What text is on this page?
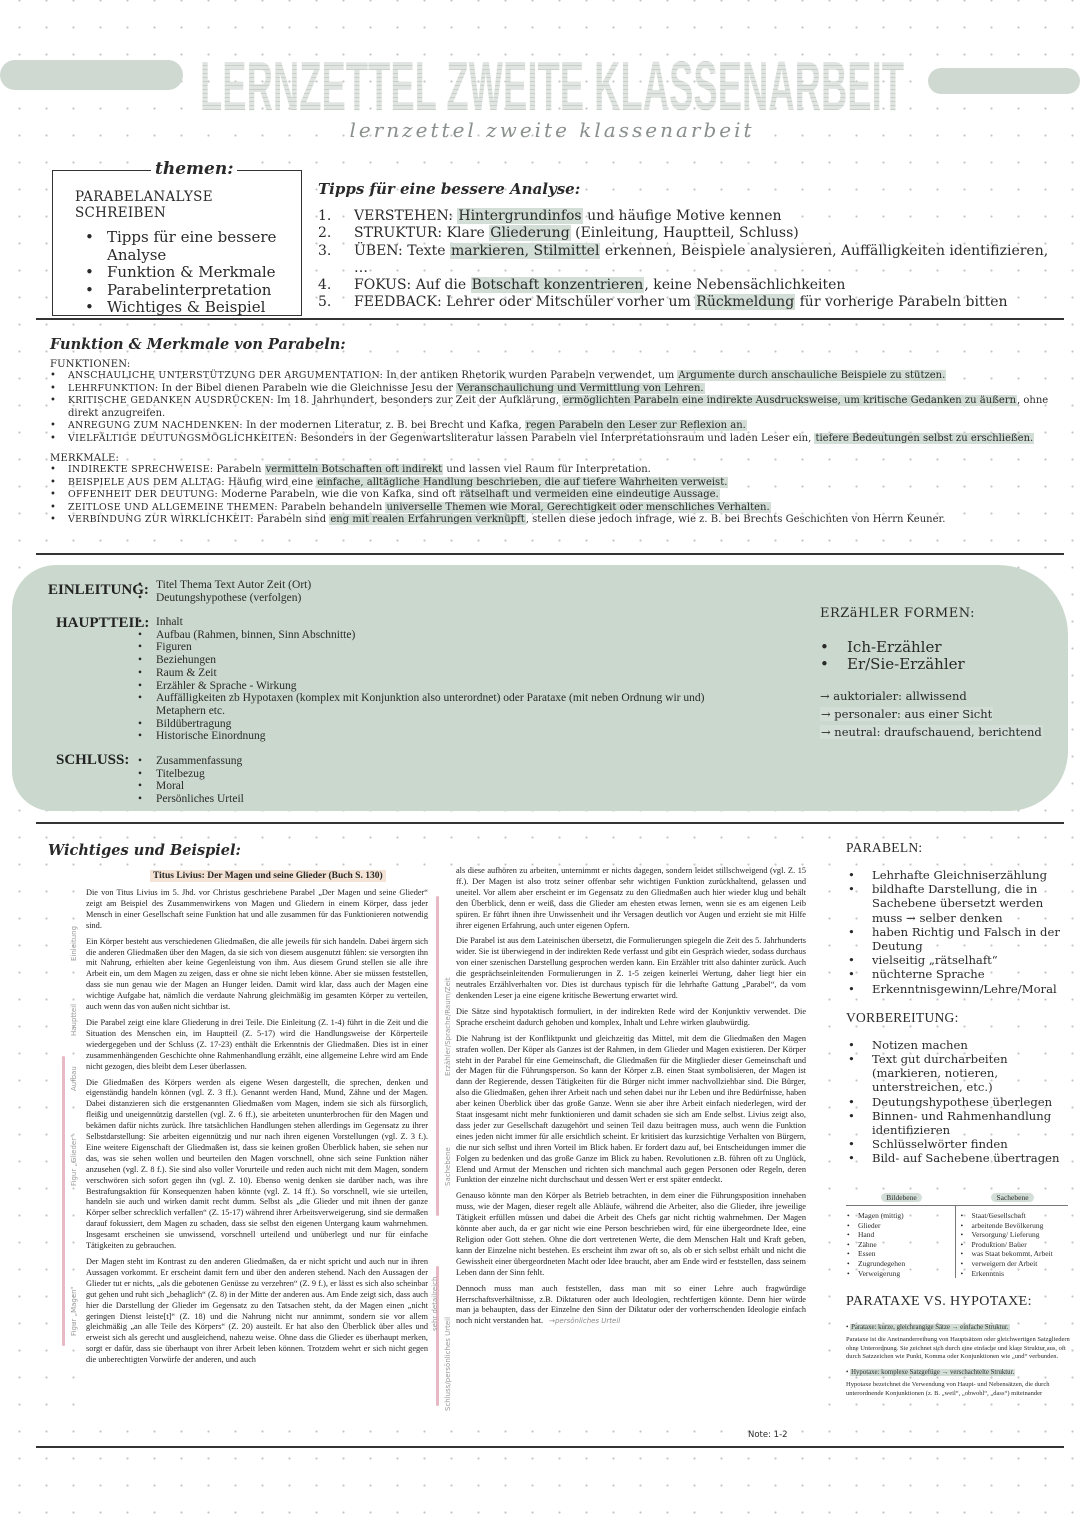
LERNZETTEL ZWEITE KLASSENARBEIT
lernzettel zweite klassenarbeit
themen:
PARABELANALYSE SCHREIBEN
• Tipps für eine bessere Analyse
• Funktion & Merkmale
• Parabelinterpretation
• Wichtiges & Beispiel
Tipps für eine bessere Analyse:
1. VERSTEHEN: Hintergrundinfos und häufige Motive kennen
2. STRUKTUR: Klare Gliederung (Einleitung, Hauptteil, Schluss)
3. ÜBEN: Texte markieren, Stilmittel erkennen, Beispiele analysieren, Auffälligkeiten identifizieren, …
4. FOKUS: Auf die Botschaft konzentrieren, keine Nebensächlichkeiten
5. FEEDBACK: Lehrer oder Mitschüler vorher um Rückmeldung für vorherige Parabeln bitten
Funktion & Merkmale von Parabeln:
FUNKTIONEN:
• ANSCHAULICHE UNTERSTÜTZUNG DER ARGUMENTATION: In der antiken Rhetorik wurden Parabeln verwendet, um Argumente durch anschauliche Beispiele zu stützen.
• LEHRFUNKTION: In der Bibel dienen Parabeln wie die Gleichnisse Jesu der Veranschaulichung und Vermittlung von Lehren.
• KRITISCHE GEDANKEN AUSDRÜCKEN: Im 18. Jahrhundert, besonders zur Zeit der Aufklärung, ermöglichten Parabeln eine indirekte Ausdrucksweise, um kritische Gedanken zu äußern, ohne direkt anzugreifen.
• ANREGUNG ZUM NACHDENKEN: In der modernen Literatur, z. B. bei Brecht und Kafka, regen Parabeln den Leser zur Reflexion an.
• VIELFÄLTIGE DEUTUNGSMÖGLICHKEITEN: Besonders in der Gegenwartsliteratur lassen Parabeln viel Interpretationsraum und laden Leser ein, tiefere Bedeutungen selbst zu erschließen.
MERKMALE:
• INDIREKTE SPRECHWEISE: Parabeln vermitteln Botschaften oft indirekt und lassen viel Raum für Interpretation.
• BEISPIELE AUS DEM ALLTAG: Häufig wird eine einfache, alltägliche Handlung beschrieben, die auf tiefere Wahrheiten verweist.
• OFFENHEIT DER DEUTUNG: Moderne Parabeln, wie die von Kafka, sind oft rätselhaft und vermeiden eine eindeutige Aussage.
• ZEITLOSE UND ALLGEMEINE THEMEN: Parabeln behandeln universelle Themen wie Moral, Gerechtigkeit oder menschliches Verhalten.
• VERBINDUNG ZUR WIRKLICHKEIT: Parabeln sind eng mit realen Erfahrungen verknüpft, stellen diese jedoch infrage, wie z. B. bei Brechts Geschichten von Herrn Keuner.
EINLEITUNG: • Titel Thema Text Autor Zeit (Ort)
• Deutungshypothese (verfolgen)
HAUPTTEIL: • Inhalt
• Aufbau (Rahmen, binnen, Sinn Abschnitte)
• Figuren
• Beziehungen
• Raum & Zeit
• Erzähler & Sprache - Wirkung
• Auffälligkeiten zb Hypotaxen (komplex mit Konjunktion also unterordnet) oder Parataxe (mit neben Ordnung wir und) Metaphern etc.
• Bildübertragung
• Historische Einordnung
SCHLUSS:	• Zusammenfassung
• Titelbezug
• Moral
• Persönliches Urteil
ERZäHLER FORMEN:
• Ich-Erzähler
• Er/Sie-Erzähler

→ auktorialer: allwissend

→ personaler: aus einer Sicht

→ neutral: draufschauend, berichtend

Wichtiges und Beispiel:
Titus Livius: Der Magen und seine Glieder (Buch S. 130)

Die von Titus Livius im 5. Jhd. vor Christus geschriebene Parabel „Der Magen und seine Glieder“ zeigt am Beispiel des Zusammenwirkens von Magen und Gliedern in einem Körper, dass jeder Mensch in einer Gesellschaft seine Funktion hat und alle zusammen für das Funktionieren notwendig sind.

Ein Körper besteht aus verschiedenen Gliedmaßen, die alle jeweils für sich handeln. Dabei ärgern sich die anderen Gliedmaßen über den Magen, da sie sich von diesem ausgenutzt fühlen: sie versorgten ihn mit Nahrung, erhielten aber keine Gegenleistung von ihm. Aus diesem Grund stellen sie alle ihre Arbeit ein, um dem Magen zu zeigen, dass er ohne sie nicht leben könne. Aber sie müssen feststellen, dass sie nun genau wie der Magen an Hunger leiden. Damit wird klar, dass auch der Magen eine wichtige Aufgabe hat, nämlich die verdaute Nahrung gleichmäßig im gesamten Körper zu verteilen, auch wenn das von außen nicht sichtbar ist.

Die Parabel zeigt eine klare Gliederung in drei Teile. Die Einleitung (Z. 1-4) führt in die Zeit und die Situation des Menschen ein, im Hauptteil (Z. 5-17) wird die Handlungsweise der Körperteile wiedergegeben und der Schluss (Z. 17-23) enthält die Erkenntnis der Gliedmaßen. Dies ist in einer zusammenhängenden Geschichte ohne Rahmenhandlung erzählt, eine allgemeine Lehre wird am Ende nicht gezogen, dies bleibt dem Leser überlassen.

Die Gliedmaßen des Körpers werden als eigene Wesen dargestellt, die sprechen, denken und eigenständig handeln können (vgl. Z. 3 ff.). Genannt werden Hand, Mund, Zähne und der Magen. Dabei distanzieren sich die erstgenannten Gliedmaßen vom Magen, indem sie sich als fürsorglich, fleißig und uneigennützig darstellen (vgl. Z. 6 ff.), sie arbeiteten ununterbrochen für den Magen und bekämen dafür nichts zurück. Ihre tatsächlichen Handlungen stehen allerdings im Gegensatz zu ihrer Selbstdarstellung: Sie arbeiten eigennützig und nur nach ihren eigenen Vorstellungen (vgl. Z. 3 f.). Eine weitere Eigenschaft der Gliedmaßen ist, dass sie keinen großen Überblick haben, sie sehen nur das, was sie sehen wollen und beurteilen den Magen vorschnell, ohne sich seine Funktion näher anzusehen (vgl. Z. 8 f.). Sie sind also voller Vorurteile und reden auch nicht mit dem Magen, sondern verschwören sich sofort gegen ihn (vgl. Z. 10). Ebenso wenig denken sie darüber nach, was ihre Bestrafungsaktion für Konsequenzen haben könnte (vgl. Z. 14 ff.). So vorschnell, wie sie urteilen, handeln sie auch und wirken damit recht dumm. Selbst als „die Glieder und mit ihnen der ganze Körper selber schrecklich verfallen“ (Z. 15-17) während ihrer Arbeitsverweigerung, sind sie dermaßen darauf fokussiert, dem Magen zu schaden, dass sie selbst den eigenen Untergang kaum wahrnehmen. Insgesamt erscheinen sie unwissend, vorschnell urteilend und unüberlegt und nur für einfache Tätigkeiten zu gebrauchen.

Der Magen steht im Kontrast zu den anderen Gliedmaßen, da er nicht spricht und auch nur in ihren Aussagen vorkommt. Er erscheint damit fern und über den anderen stehend. Nach den Aussagen der Glieder tut er nichts, „als die gebotenen Genüsse zu verzehren“ (Z. 9 f.), er lässt es sich also scheinbar gut gehen und ruht sich „behaglich“ (Z. 8) in der Mitte der anderen aus. Am Ende zeigt sich, dass auch hier die Darstellung der Glieder im Gegensatz zu den Tatsachen steht, da der Magen einen „nicht geringen Dienst leiste[t]“ (Z. 18) und die Nahrung nicht nur annimmt, sondern sie vor allem gleichmäßig „an alle Teile des Körpers“ (Z. 20) austeilt. Er hat also den Überblick über alles und erweist sich als gerecht und ausgleichend, nahezu weise. Ohne dass die Glieder es überhaupt merken, sorgt er dafür, dass sie überhaupt von ihrer Arbeit leben können. Trotzdem wehrt er sich nicht gegen die unberechtigten Vorwürfe der anderen, und auch

als diese aufhören zu arbeiten, unternimmt er nichts dagegen, sondern leidet stillschweigend (vgl. Z. 15 ff.). Der Magen ist also trotz seiner offenbar sehr wichtigen Funktion zurückhaltend, gelassen und uneitel. Vor allem aber erscheint er im Gegensatz zu den Gliedmaßen auch hier wieder klug und behält den Überblick, denn er weiß, dass die Glieder am ehesten etwas lernen, wenn sie es am eigenen Leib spüren. Er führt ihnen ihre Unwissenheit und ihr Versagen deutlich vor Augen und erzieht sie mit Hilfe ihrer eigenen Erfahrung, auch unter eigenen Opfern.

Die Parabel ist aus dem Lateinischen übersetzt, die Formulierungen spiegeln die Zeit des 5. Jahrhunderts wider. Sie ist überwiegend in der indirekten Rede verfasst und gibt ein Gespräch wieder, sodass durchaus von einer szenischen Darstellung gesprochen werden kann. Ein Erzähler tritt also dahinter zurück. Auch die gesprächseinleitenden Formulierungen in Z. 1-5 zeigen keinerlei Wertung, daher liegt hier ein neutrales Erzählverhalten vor. Dies ist durchaus typisch für die lehrhafte Gattung „Parabel“, da vom denkenden Leser ja eine eigene kritische Bewertung erwartet wird.

Die Sätze sind hypotaktisch formuliert, in der indirekten Rede wird der Konjunktiv verwendet. Die Sprache erscheint dadurch gehoben und komplex, Inhalt und Lehre wirken glaubwürdig.

Die Nahrung ist der Konfliktpunkt und gleichzeitig das Mittel, mit dem die Gliedmaßen den Magen strafen wollen. Der Köper als Ganzes ist der Rahmen, in dem Glieder und Magen existieren. Der Körper steht in der Parabel für eine Gemeinschaft, die Gliedmaßen für die Mitglieder dieser Gemeinschaft und der Magen für die Führungsperson. So kann der Körper z.B. einen Staat symbolisieren, der Magen ist dann der Regierende, dessen Tätigkeiten für die Bürger nicht immer nachvollziehbar sind. Die Bürger, also die Gliedmaßen, gehen ihrer Arbeit nach und sehen dabei nur ihr Leben und ihre Bedürfnisse, haben aber keinen Überblick über das große Ganze. Wenn sie aber ihre Arbeit einfach niederlegen, wird der Staat insgesamt nicht mehr funktionieren und damit schaden sie sich am Ende selbst. Livius zeigt also, dass jeder zur Gesellschaft dazugehört und seinen Teil dazu beitragen muss, auch wenn die Funktion eines jeden nicht immer für alle ersichtlich scheint. Er kritisiert das kurzsichtige Verhalten von Bürgern, die nur sich selbst und ihren Vorteil im Blick haben. Er fordert dazu auf, bei Entscheidungen immer die Folgen zu bedenken und das große Ganze im Blick zu haben. Revolutionen z.B. führen oft zu Unglück, Elend und Armut der Menschen und richten sich manchmal auch gegen Personen oder Regeln, deren Funktion der einzelne nicht durchschaut und dessen Wert er erst später entdeckt.

Genauso könnte man den Körper als Betrieb betrachten, in dem einer die Führungsposition innehaben muss, wie der Magen, dieser regelt alle Abläufe, während die Arbeiter, also die Glieder, ihre jeweilige Tätigkeit erfüllen müssen und dabei die Arbeit des Chefs gar nicht richtig wahrnehmen. Der Magen könnte aber auch, da er gar nicht wie eine Person beschrieben wird, für eine übergeordnete Idee, eine Religion oder Gott stehen. Ohne die dort vertretenen Werte, die dem Menschen Halt und Kraft geben, kann der Einzelne nicht bestehen. Es erscheint ihm zwar oft so, als ob er sich selbst erhält und nicht die Gewissheit einer übergeordneten Macht oder Idee braucht, aber am Ende wird er feststellen, dass seinem Leben dann der Sinn fehlt.

Dennoch muss man auch feststellen, dass man mit so einer Lehre auch fragwürdige Herrschaftsverhältnisse, z.B. Diktaturen oder auch Ideologien, rechtfertigen könnte. Denn hier würde man ja behaupten, dass der Einzelne den Sinn der Diktatur oder der vorherrschenden Ideologie einfach noch nicht verstanden hat. →persönliches Urteil

Einleitung
Hauptteil
Aufbau
Figur „Glieder“
Figur „Magen“
Erzähler/Sprache/Raum/Zeit
Sachebene
Schluss/persönliches Urteil
sehr detailreich
Note: 1-2
PARABELN:
• Lehrhafte Gleichniserzählung
• bildhafte Darstellung, die in Sachebene übersetzt werden muss → selber denken
• haben Richtig und Falsch in der Deutung
• vielseitig „rätselhaft“
• nüchterne Sprache
• Erkenntnisgewinn/Lehre/Moral
VORBEREITUNG:
• Notizen machen
• Text gut durcharbeiten (markieren, notieren, unterstreichen, etc.)
• Deutungshypothese überlegen
• Binnen- und Rahmenhandlung identifizieren
• Schlüsselwörter finden
• Bild- auf Sachebene übertragen
Bildebene	Sachebene
• Magen (mittig)
• Glieder
• Hand
• Zähne
• Essen
• Zugrundegehen
• Verweigerung
• Staat/Gesellschaft
• arbeitende Bevölkerung
• Versorgung/ Lieferung
• Produktion/ Bauer
• was Staat bekommt, Arbeit
• verweigern der Arbeit
• Erkenntnis
PARATAXE VS. HYPOTAXE:
• Parataxe: kurze, gleichrangige Sätze → einfache Struktur.
Parataxe ist die Aneinanderreihung von Hauptsätzen oder gleichwertigen Satzgliedern ohne Unterordnung. Sie zeichnet sich durch eine einfache und klare Struktur aus, oft durch Satzzeichen wie Punkt, Komma oder Konjunktionen wie „und“ verbunden.
• Hypotaxe: komplexe Satzgefüge → verschachtelte Struktur.
Hypotaxe bezeichnet die Verwendung von Haupt- und Nebensätzen, die durch unterordnende Konjunktionen (z. B. „weil“, „obwohl“, „dass“) miteinander
